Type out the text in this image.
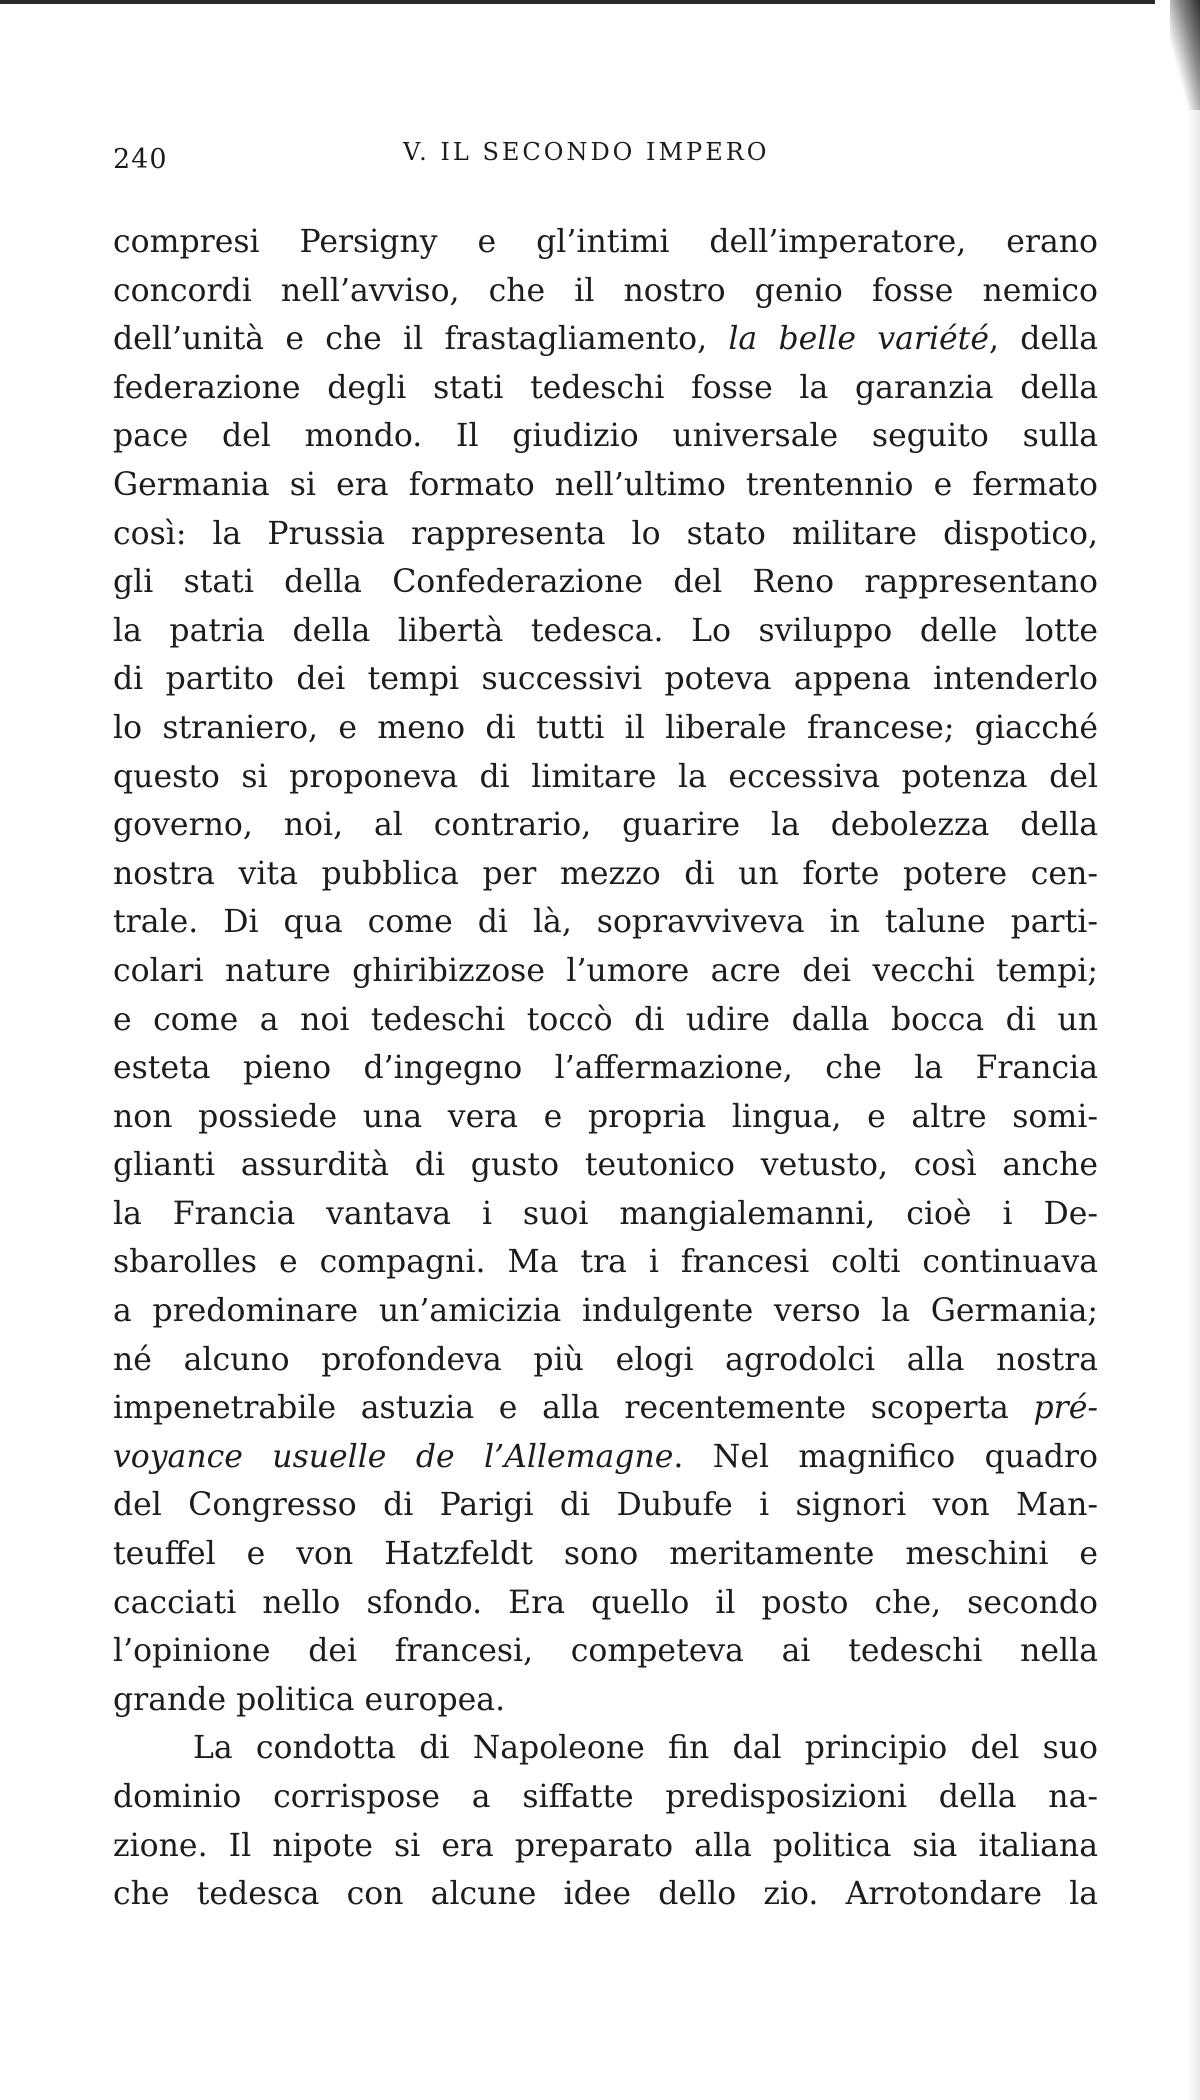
240	V. IL SECONDO IMPERO
compresi Persigny e gl’intimi dell’imperatore, erano
concordi nell’avviso, che il nostro genio fosse nemico
dell’unità e che il frastagliamento, la belle variété, della
federazione degli stati tedeschi fosse la garanzia della
pace del mondo. Il giudizio universale seguito sulla
Germania si era formato nell’ultimo trentennio e fermato
così: la Prussia rappresenta lo stato militare dispotico,
gli stati della Confederazione del Reno rappresentano
la patria della libertà tedesca. Lo sviluppo delle lotte
di partito dei tempi successivi poteva appena intenderlo
lo straniero, e meno di tutti il liberale francese; giacché
questo si proponeva di limitare la eccessiva potenza del
governo, noi, al contrario, guarire la debolezza della
nostra vita pubblica per mezzo di un forte potere cen-
trale. Di qua come di là, sopravviveva in talune parti-
colari nature ghiribizzose l’umore acre dei vecchi tempi;
e come a noi tedeschi toccò di udire dalla bocca di un
esteta pieno d’ingegno l’affermazione, che la Francia
non possiede una vera e propria lingua, e altre somi-
glianti assurdità di gusto teutonico vetusto, così anche
la Francia vantava i suoi mangialemanni, cioè i De-
sbarolles e compagni. Ma tra i francesi colti continuava
a predominare un’amicizia indulgente verso la Germania;
né alcuno profondeva più elogi agrodolci alla nostra
impenetrabile astuzia e alla recentemente scoperta pré-
voyance usuelle de l’Allemagne. Nel magnifico quadro
del Congresso di Parigi di Dubufe i signori von Man-
teuffel e von Hatzfeldt sono meritamente meschini e
cacciati nello sfondo. Era quello il posto che, secondo
l’opinione dei francesi, competeva ai tedeschi nella
grande politica europea.
La condotta di Napoleone fin dal principio del suo
dominio corrispose a siffatte predisposizioni della na-
zione. Il nipote si era preparato alla politica sia italiana
che tedesca con alcune idee dello zio. Arrotondare la
